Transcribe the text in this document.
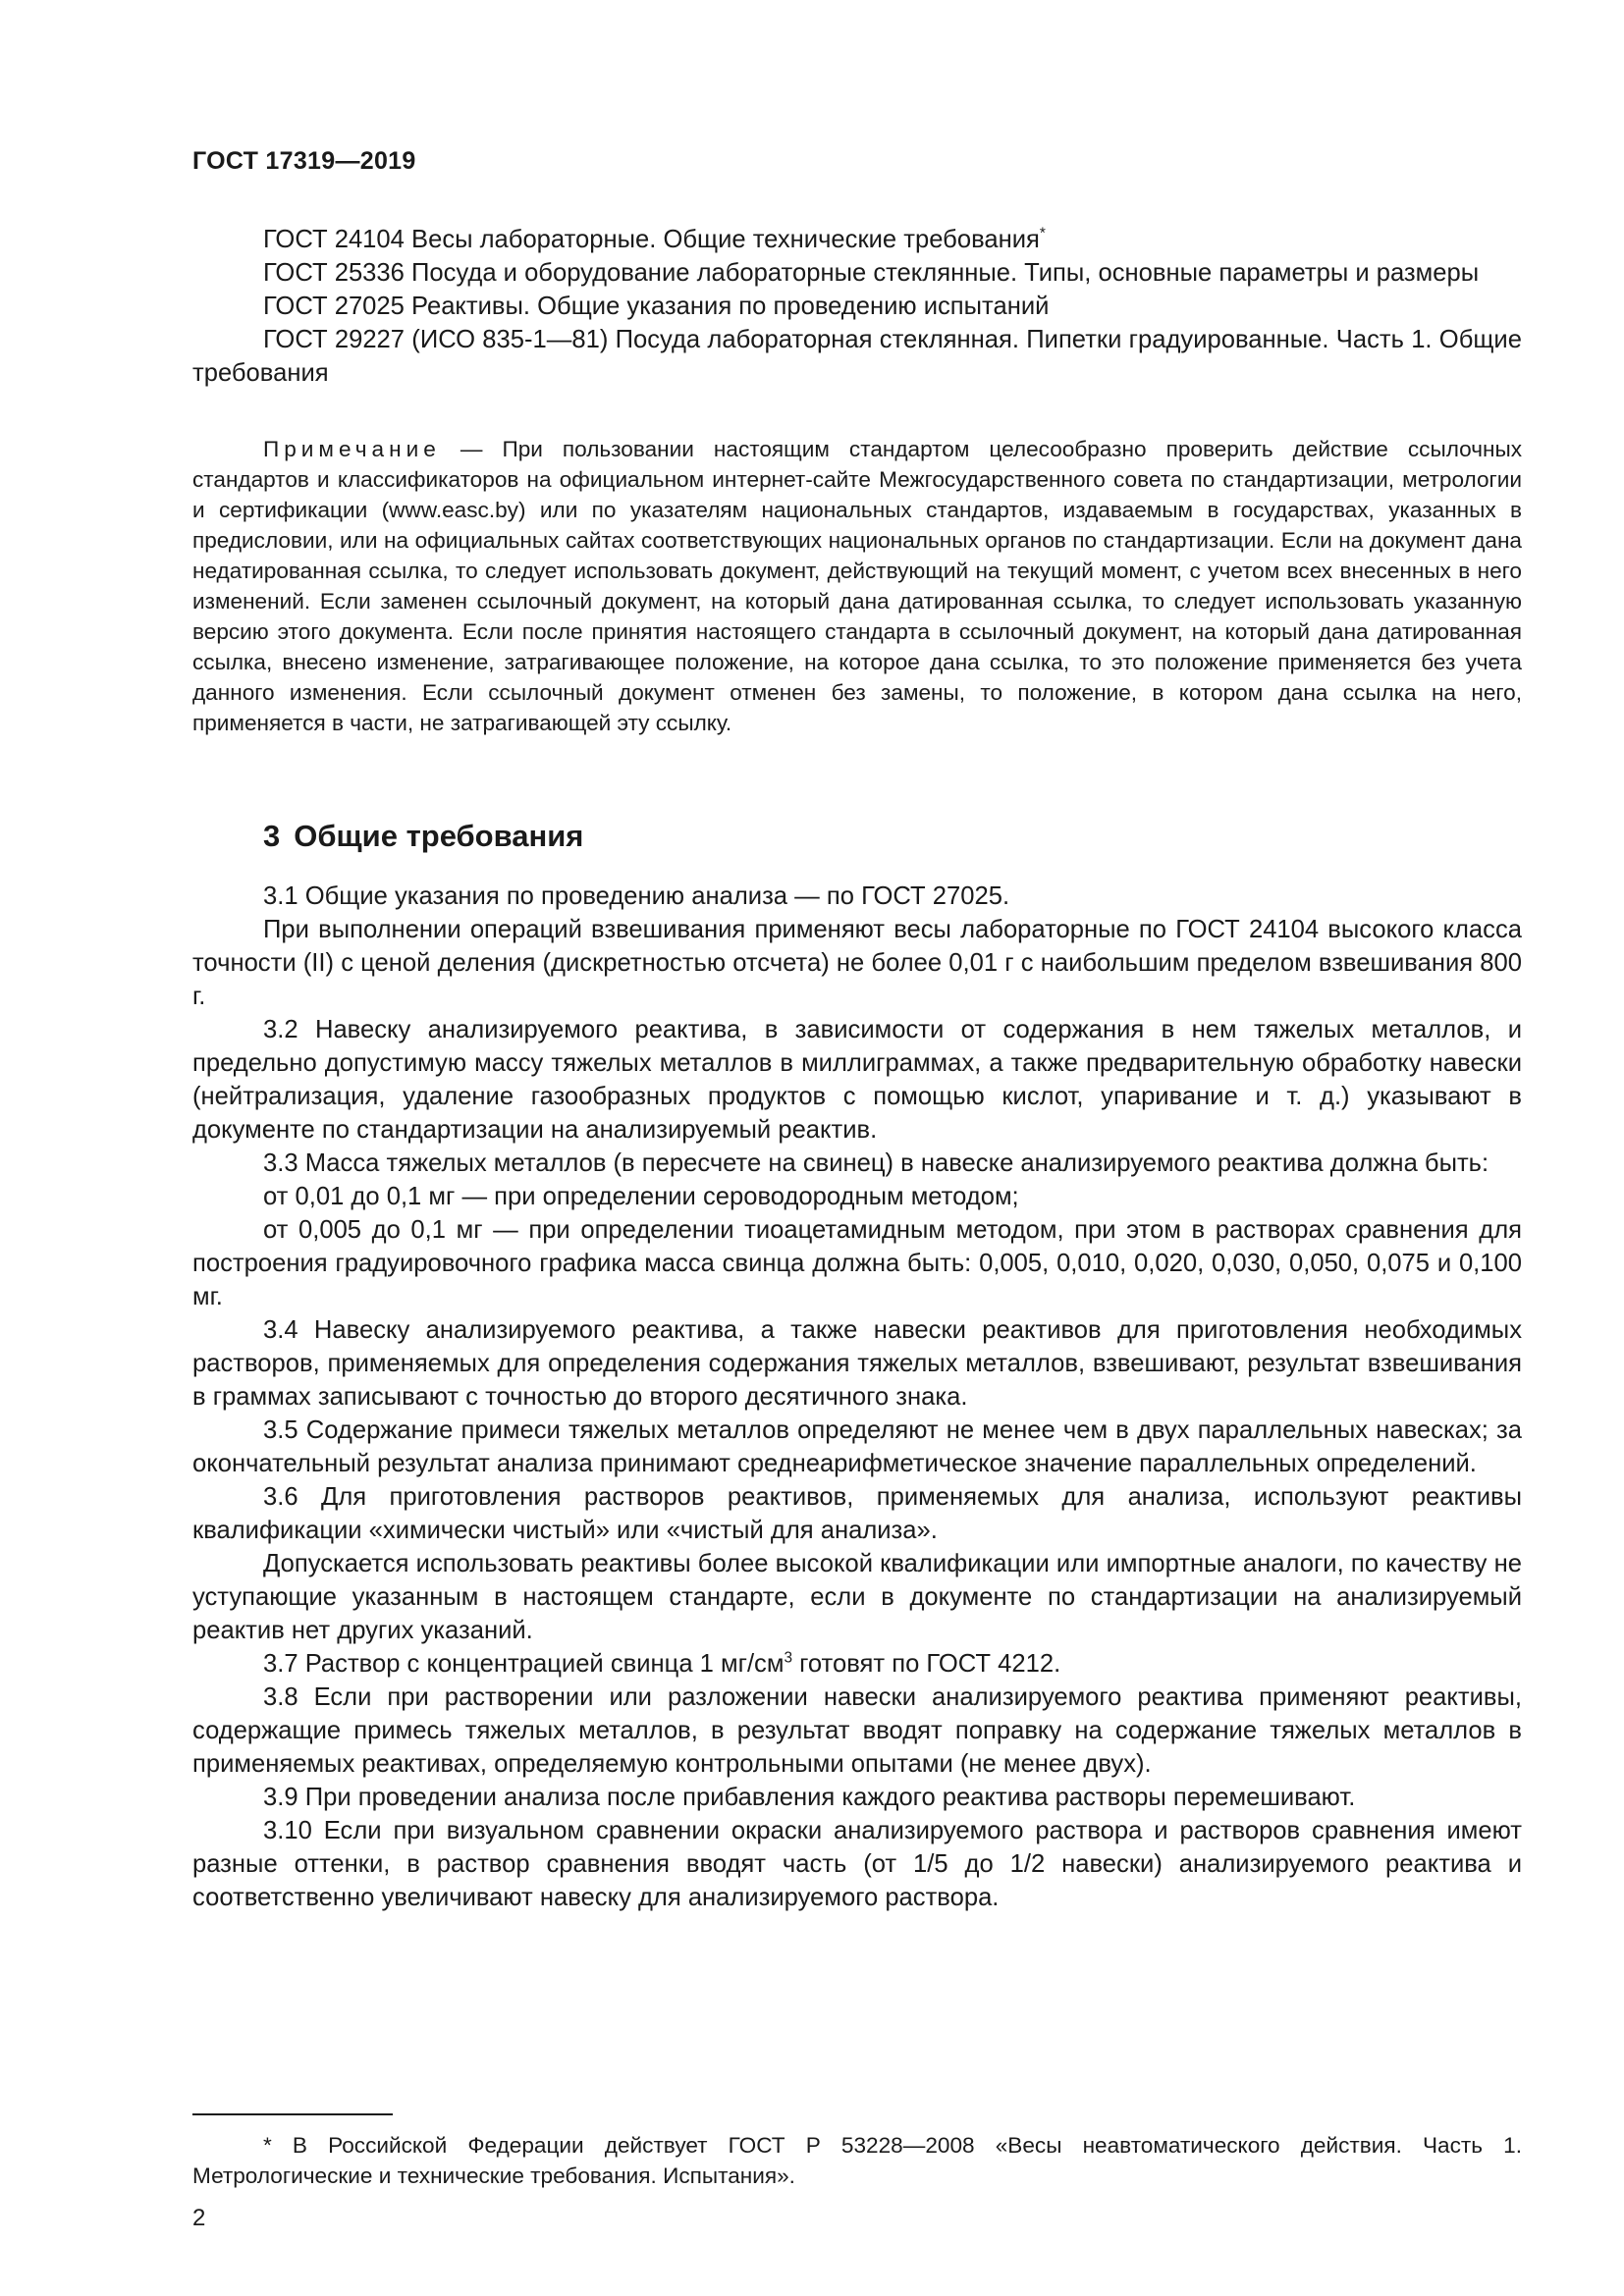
ГОСТ 17319—2019

ГОСТ 24104 Весы лабораторные. Общие технические требования*

ГОСТ 25336 Посуда и оборудование лабораторные стеклянные. Типы, основные параметры и размеры

ГОСТ 27025 Реактивы. Общие указания по проведению испытаний

ГОСТ 29227 (ИСО 835-1—81) Посуда лабораторная стеклянная. Пипетки градуированные. Часть 1. Общие требования

Примечание — При пользовании настоящим стандартом целесообразно проверить действие ссылочных стандартов и классификаторов на официальном интернет-сайте Межгосударственного совета по стандартизации, метрологии и сертификации (www.easc.by) или по указателям национальных стандартов, издаваемым в государствах, указанных в предисловии, или на официальных сайтах соответствующих национальных органов по стандартизации. Если на документ дана недатированная ссылка, то следует использовать документ, действующий на текущий момент, с учетом всех внесенных в него изменений. Если заменен ссылочный документ, на который дана датированная ссылка, то следует использовать указанную версию этого документа. Если после принятия настоящего стандарта в ссылочный документ, на который дана датированная ссылка, внесено изменение, затрагивающее положение, на которое дана ссылка, то это положение применяется без учета данного изменения. Если ссылочный документ отменен без замены, то положение, в котором дана ссылка на него, применяется в части, не затрагивающей эту ссылку.

3 Общие требования

3.1 Общие указания по проведению анализа — по ГОСТ 27025.

При выполнении операций взвешивания применяют весы лабораторные по ГОСТ 24104 высокого класса точности (II) с ценой деления (дискретностью отсчета) не более 0,01 г с наибольшим пределом взвешивания 800 г.

3.2 Навеску анализируемого реактива, в зависимости от содержания в нем тяжелых металлов, и предельно допустимую массу тяжелых металлов в миллиграммах, а также предварительную обработку навески (нейтрализация, удаление газообразных продуктов с помощью кислот, упаривание и т. д.) указывают в документе по стандартизации на анализируемый реактив.

3.3 Масса тяжелых металлов (в пересчете на свинец) в навеске анализируемого реактива должна быть:

от 0,01 до 0,1 мг — при определении сероводородным методом;

от 0,005 до 0,1 мг — при определении тиоацетамидным методом, при этом в растворах сравнения для построения градуировочного графика масса свинца должна быть: 0,005, 0,010, 0,020, 0,030, 0,050, 0,075 и 0,100 мг.

3.4 Навеску анализируемого реактива, а также навески реактивов для приготовления необходимых растворов, применяемых для определения содержания тяжелых металлов, взвешивают, результат взвешивания в граммах записывают с точностью до второго десятичного знака.

3.5 Содержание примеси тяжелых металлов определяют не менее чем в двух параллельных навесках; за окончательный результат анализа принимают среднеарифметическое значение параллельных определений.

3.6 Для приготовления растворов реактивов, применяемых для анализа, используют реактивы квалификации «химически чистый» или «чистый для анализа».

Допускается использовать реактивы более высокой квалификации или импортные аналоги, по качеству не уступающие указанным в настоящем стандарте, если в документе по стандартизации на анализируемый реактив нет других указаний.

3.7 Раствор с концентрацией свинца 1 $мг/см^3$ готовят по ГОСТ 4212.

3.8 Если при растворении или разложении навески анализируемого реактива применяют реактивы, содержащие примесь тяжелых металлов, в результат вводят поправку на содержание тяжелых металлов в применяемых реактивах, определяемую контрольными опытами (не менее двух).

3.9 При проведении анализа после прибавления каждого реактива растворы перемешивают.

3.10 Если при визуальном сравнении окраски анализируемого раствора и растворов сравнения имеют разные оттенки, в раствор сравнения вводят часть (от 1/5 до 1/2 навески) анализируемого реактива и соответственно увеличивают навеску для анализируемого раствора.

* В Российской Федерации действует ГОСТ Р 53228—2008 «Весы неавтоматического действия. Часть 1. Метрологические и технические требования. Испытания».

2
